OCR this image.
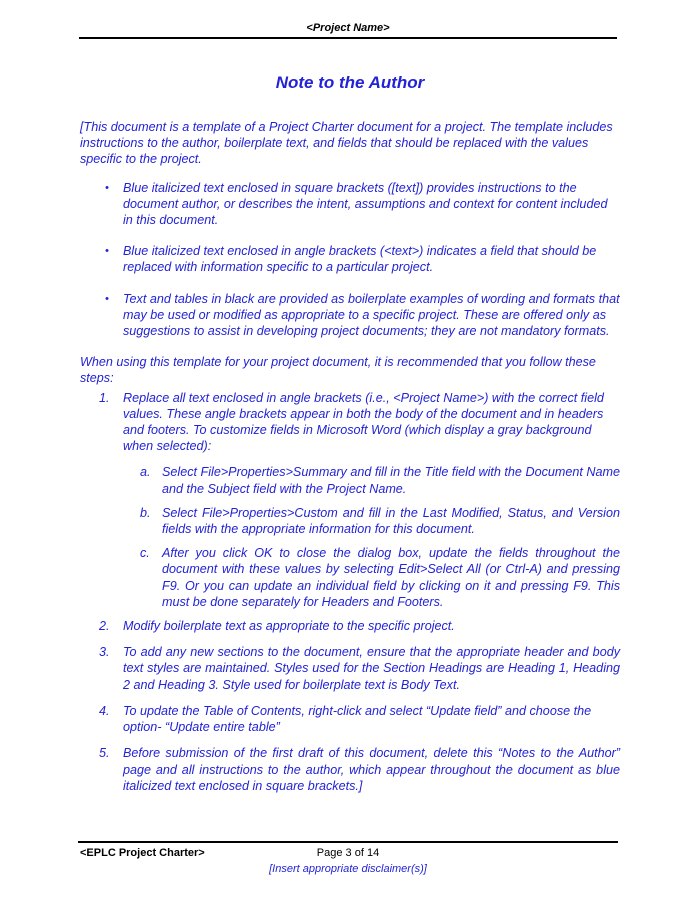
<Project Name>
Note to the Author

[This document is a template of a Project Charter document for a project. The template includes instructions to the author, boilerplate text, and fields that should be replaced with the values specific to the project.

•	Blue italicized text enclosed in square brackets ([text]) provides instructions to the document author, or describes the intent, assumptions and context for content included in this document.
•	Blue italicized text enclosed in angle brackets (<text>) indicates a field that should be replaced with information specific to a particular project.
•	Text and tables in black are provided as boilerplate examples of wording and formats that may be used or modified as appropriate to a specific project. These are offered only as suggestions to assist in developing project documents; they are not mandatory formats.

When using this template for your project document, it is recommended that you follow these steps:

1.	Replace all text enclosed in angle brackets (i.e., <Project Name>) with the correct field values. These angle brackets appear in both the body of the document and in headers and footers. To customize fields in Microsoft Word (which display a gray background when selected):
a. Select File>Properties>Summary and fill in the Title field with the Document Name and the Subject field with the Project Name.
b. Select File>Properties>Custom and fill in the Last Modified, Status, and Version fields with the appropriate information for this document.
c. After you click OK to close the dialog box, update the fields throughout the document with these values by selecting Edit>Select All (or Ctrl-A) and pressing F9. Or you can update an individual field by clicking on it and pressing F9. This must be done separately for Headers and Footers.
2.	Modify boilerplate text as appropriate to the specific project.
3.	To add any new sections to the document, ensure that the appropriate header and body text styles are maintained. Styles used for the Section Headings are Heading 1, Heading 2 and Heading 3. Style used for boilerplate text is Body Text.
4.	To update the Table of Contents, right-click and select “Update field” and choose the option- “Update entire table”
5.	Before submission of the first draft of this document, delete this “Notes to the Author” page and all instructions to the author, which appear throughout the document as blue italicized text enclosed in square brackets.]
<EPLC Project Charter>	Page 3 of 14
[Insert appropriate disclaimer(s)]
